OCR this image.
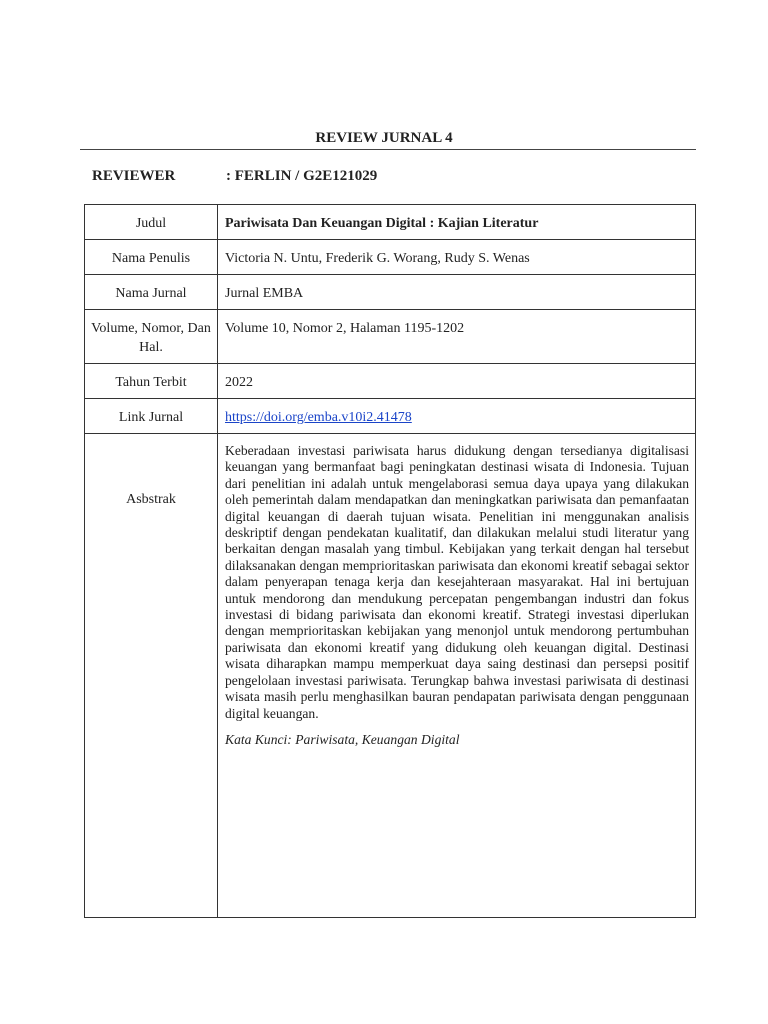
REVIEW JURNAL 4
REVIEWER	: FERLIN / G2E121029
Judul	Pariwisata Dan Keuangan Digital : Kajian Literatur
Nama Penulis	Victoria N. Untu, Frederik G. Worang, Rudy S. Wenas
Nama Jurnal	Jurnal EMBA
Volume, Nomor, Dan Hal.	Volume 10, Nomor 2, Halaman 1195-1202
Tahun Terbit	2022
Link Jurnal	https://doi.org/emba.v10i2.41478
Asbstrak	Keberadaan investasi pariwisata harus didukung dengan tersedianya digitalisasi keuangan yang bermanfaat bagi peningkatan destinasi wisata di Indonesia. Tujuan dari penelitian ini adalah untuk mengelaborasi semua daya upaya yang dilakukan oleh pemerintah dalam mendapatkan dan meningkatkan pariwisata dan pemanfaatan digital keuangan di daerah tujuan wisata. Penelitian ini menggunakan analisis deskriptif dengan pendekatan kualitatif, dan dilakukan melalui studi literatur yang berkaitan dengan masalah yang timbul. Kebijakan yang terkait dengan hal tersebut dilaksanakan dengan memprioritaskan pariwisata dan ekonomi kreatif sebagai sektor dalam penyerapan tenaga kerja dan kesejahteraan masyarakat. Hal ini bertujuan untuk mendorong dan mendukung percepatan pengembangan industri dan fokus investasi di bidang pariwisata dan ekonomi kreatif. Strategi investasi diperlukan dengan memprioritaskan kebijakan yang menonjol untuk mendorong pertumbuhan pariwisata dan ekonomi kreatif yang didukung oleh keuangan digital. Destinasi wisata diharapkan mampu memperkuat daya saing destinasi dan persepsi positif pengelolaan investasi pariwisata. Terungkap bahwa investasi pariwisata di destinasi wisata masih perlu menghasilkan bauran pendapatan pariwisata dengan penggunaan digital keuangan.

Kata Kunci: Pariwisata, Keuangan Digital
